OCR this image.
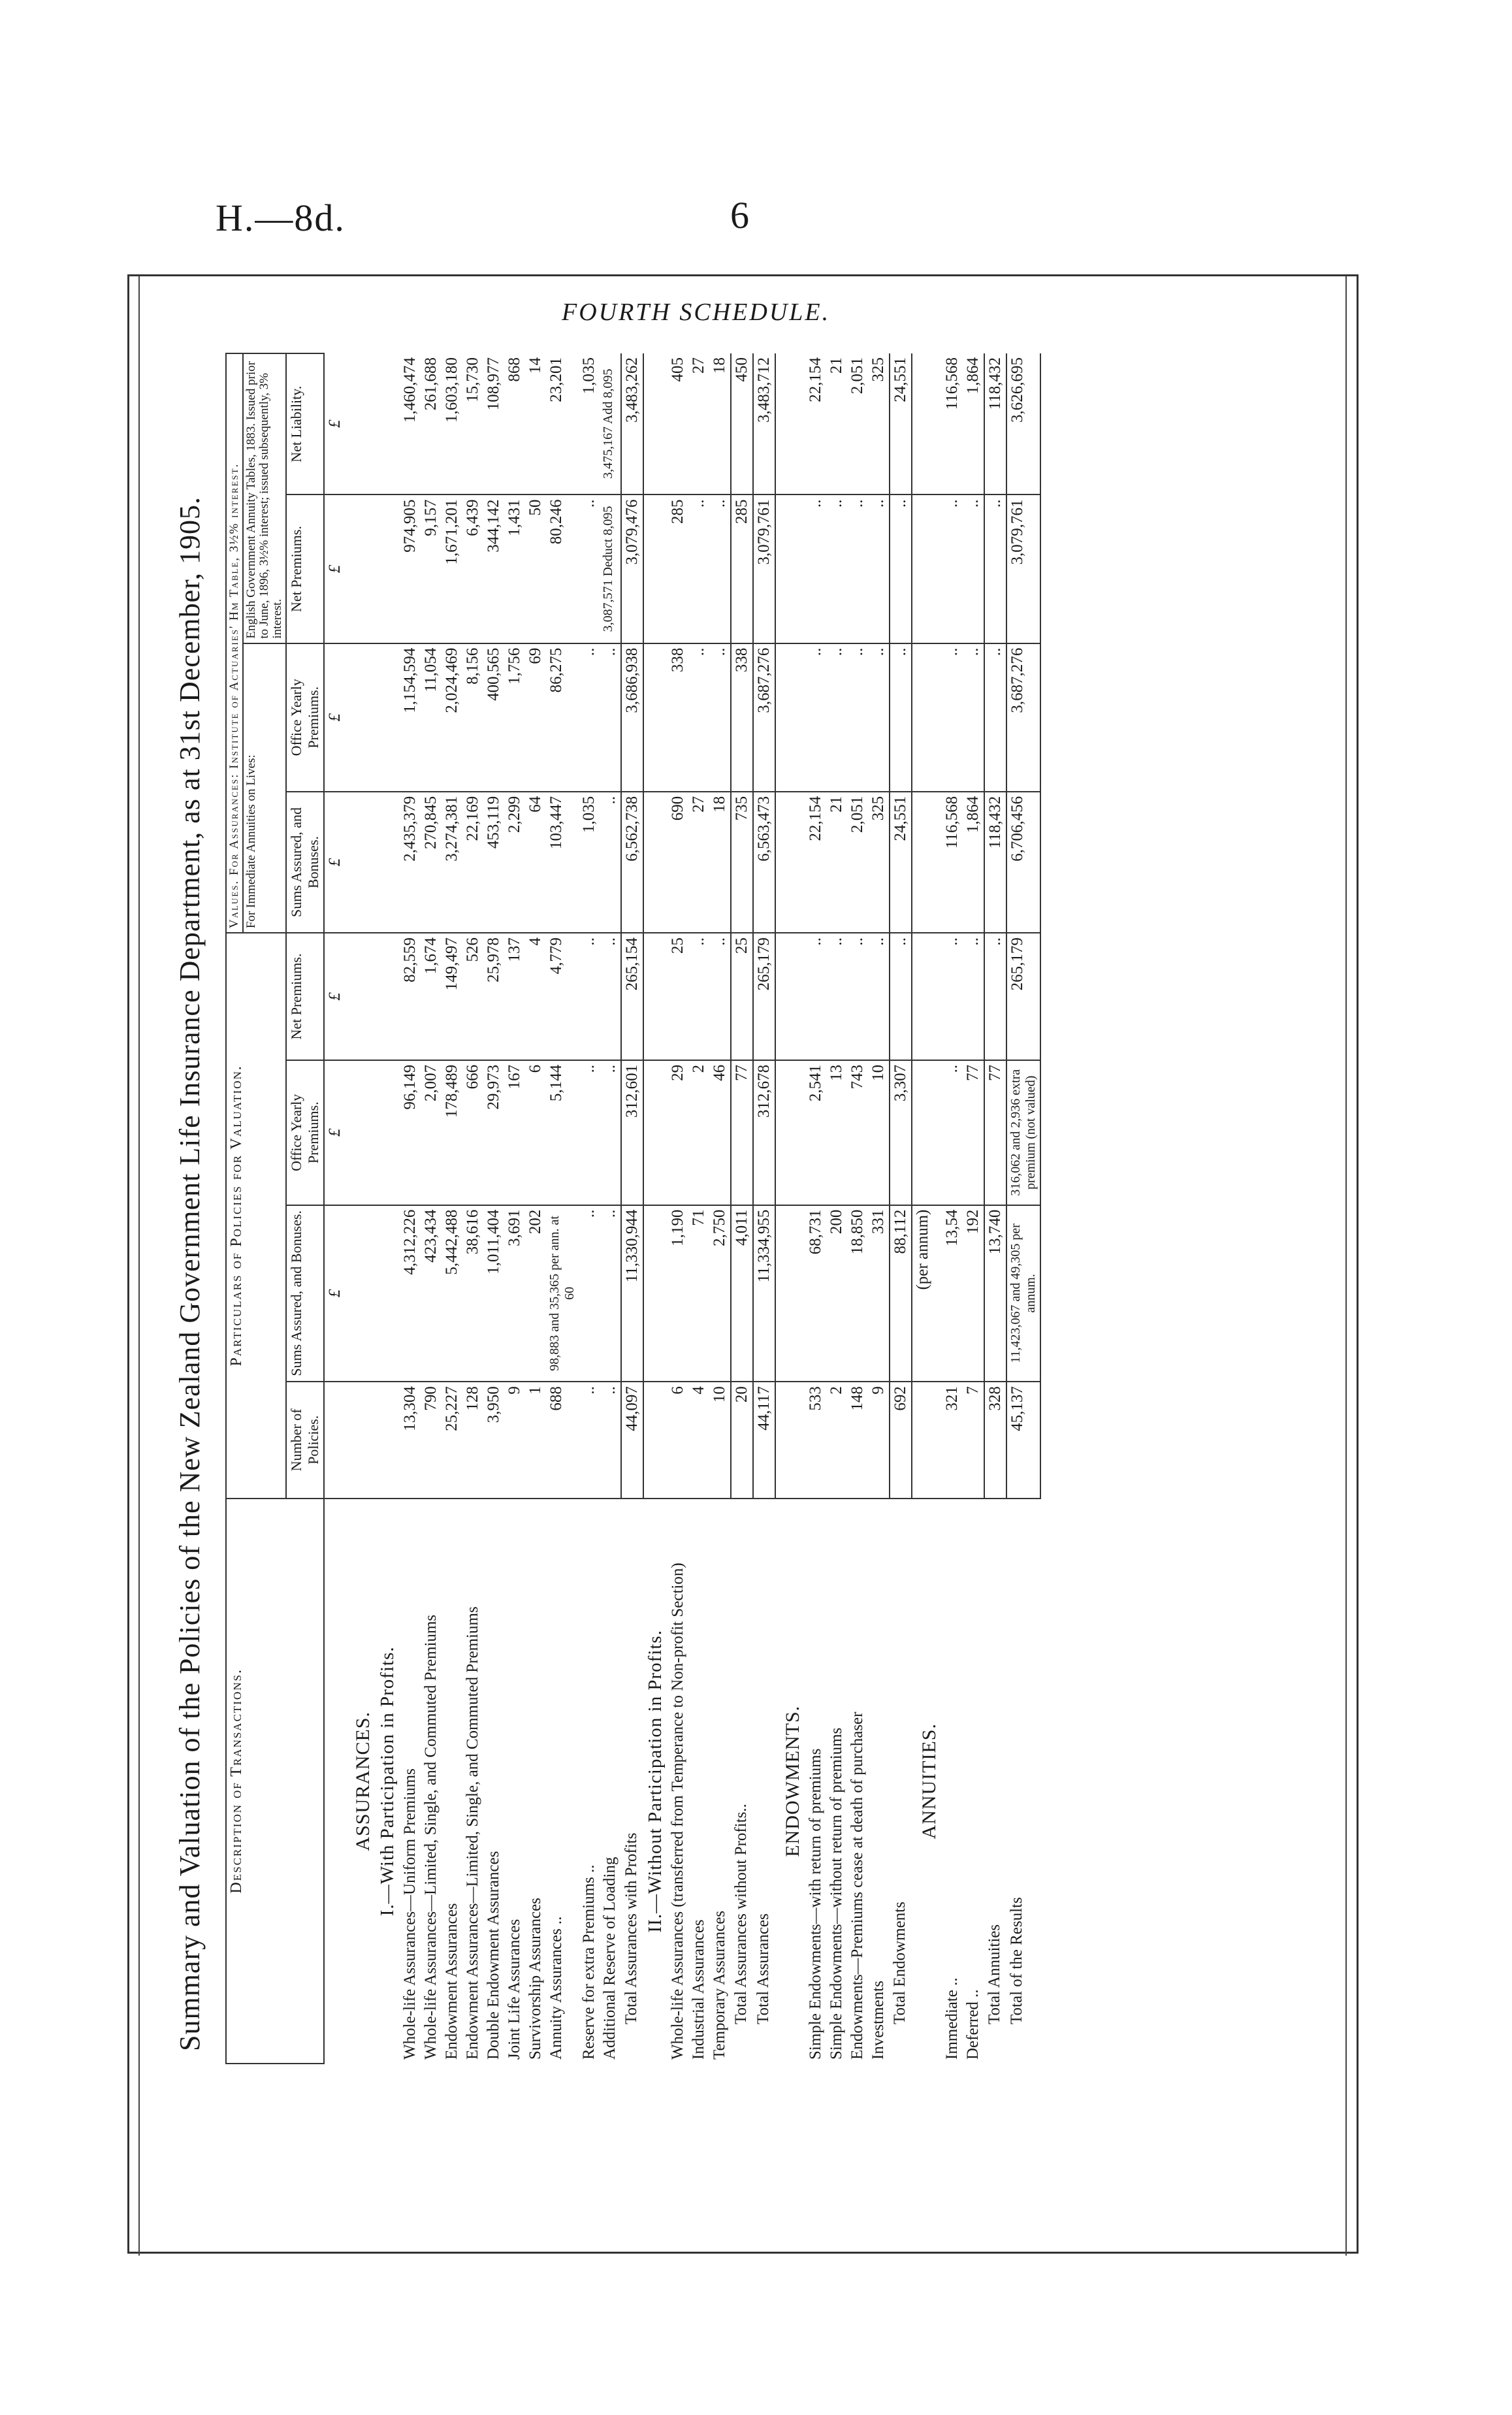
H.—8d.	6
FOURTH SCHEDULE.
Summary and Valuation of the Policies of the New Zealand Government Life Insurance Department, as at 31st December, 1905.	Description of Transactions.	Particulars of Policies for Valuation.				Values. For Assurances: Institute of Actuaries' Hm Table, 3½% interest.			

					For Immediate Annuities on Lives:		English Government Annuity Tables, 1883. Issued prior to June, 1896, 3½% interest; issued subsequently, 3% interest.	
	Number of Policies.	Sums Assured, and Bonuses.	Office Yearly Premiums.	Net Premiums.	Sums Assured, and Bonuses.	Office Yearly Premiums.	Net Premiums.	Net Liability.
		£	£	£	£	£	£	£
ASSURANCES.								
I.—With Participation in Profits.								
Whole-life Assurances—Uniform Premiums	13,304	4,312,226	96,149	82,559	2,435,379	1,154,594	974,905	1,460,474
Whole-life Assurances—Limited, Single, and Commuted Premiums	790	423,434	2,007	1,674	270,845	11,054	9,157	261,688
Endowment Assurances	25,227	5,442,488	178,489	149,497	3,274,381	2,024,469	1,671,201	1,603,180
Endowment Assurances—Limited, Single, and Commuted Premiums	128	38,616	666	526	22,169	8,156	6,439	15,730
Double Endowment Assurances	3,950	1,011,404	29,973	25,978	453,119	400,565	344,142	108,977
Joint Life Assurances	9	3,691	167	137	2,299	1,756	1,431	868
Survivorship Assurances	1	202	6	4	64	69	50	14
Annuity Assurances ..	688	98,883 and 35,365 per ann. at 60	5,144	4,779	103,447	86,275	80,246	23,201
Reserve for extra Premiums ..	..	..	..	..	1,035	..	..	1,035
Additional Reserve of Loading	..	..	..	..	..	..	3,087,571 Deduct 8,095	3,475,167 Add 8,095
Total Assurances with Profits	44,097	11,330,944	312,601	265,154	6,562,738	3,686,938	3,079,476	3,483,262
II.—Without Participation in Profits.								
Whole-life Assurances (transferred from Temperance to Non-profit Section)	6	1,190	29	25	690	338	285	405
Industrial Assurances	4	71	2	..	27	..	..	27
Temporary Assurances	10	2,750	46	..	18	..	..	18
Total Assurances without Profits..	20	4,011	77	25	735	338	285	450
Total Assurances	44,117	11,334,955	312,678	265,179	6,563,473	3,687,276	3,079,761	3,483,712
ENDOWMENTS.								
Simple Endowments—with return of premiums	533	68,731	2,541	..	22,154	..	..	22,154
Simple Endowments—without return of premiums	2	200	13	..	21	..	..	21
Endowments—Premiums cease at death of purchaser	148	18,850	743	..	2,051	..	..	2,051
Investments	9	331	10	..	325	..	..	325
Total Endowments	692	88,112	3,307	..	24,551	..	..	24,551
ANNUITIES.		(per annum)						
Immediate ..	321	13,54	..	..	116,568	..	..	116,568
Deferred ..	7	192	77	..	1,864	..	..	1,864
Total Annuities	328	13,740	77	..	118,432	..	..	118,432
Total of the Results	45,137	11,423,067 and 49,305 per annum.	316,062 and 2,936 extra premium (not valued)	265,179	6,706,456	3,687,276	3,079,761	3,626,695
